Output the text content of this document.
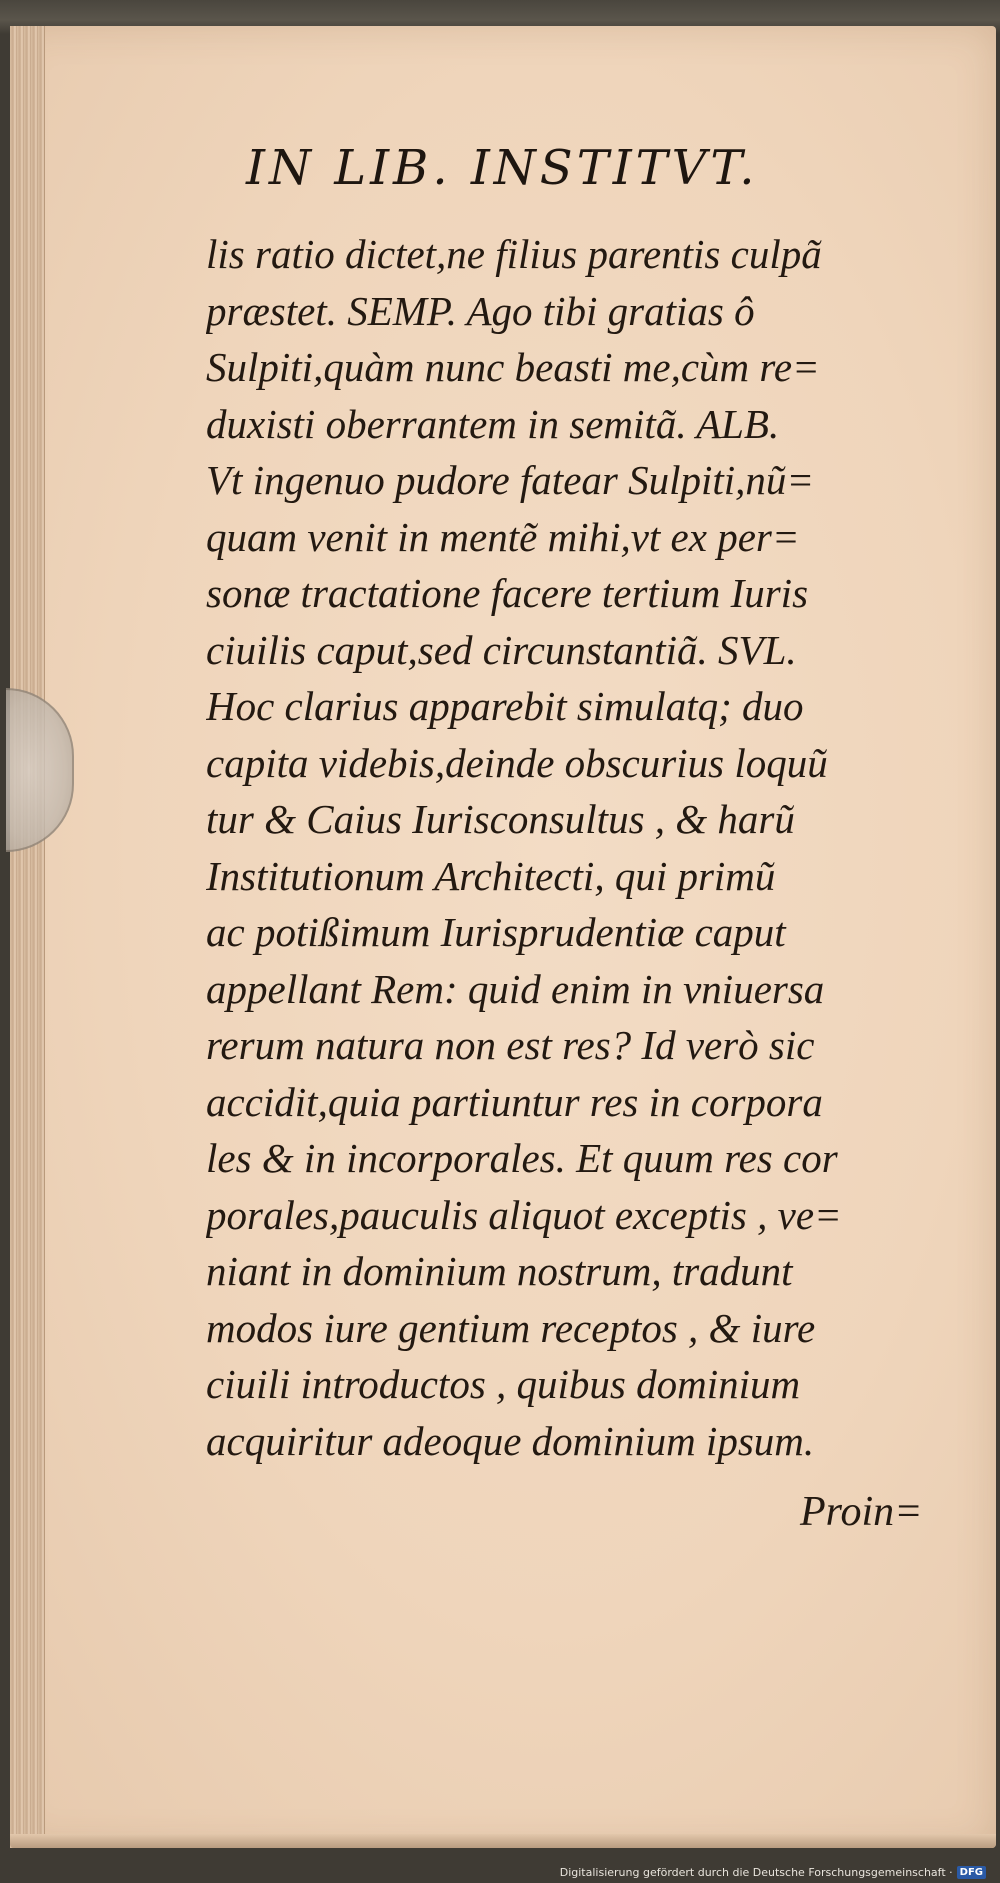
IN LIB. INSTITVT.
lis ratio dictet,ne filius parentis culpã
præstet. SEMP. Ago tibi gratias ô
Sulpiti,quàm nunc beasti me,cùm re=
duxisti oberrantem in semitã. ALB.
Vt ingenuo pudore fatear Sulpiti,nũ=
quam venit in mentẽ mihi,vt ex per=
sonæ tractatione facere tertium Iuris
ciuilis caput,sed circunstantiã. SVL.
Hoc clarius apparebit simulatq; duo
capita videbis,deinde obscurius loquũ
tur & Caius Iurisconsultus , & harũ
Institutionum Architecti, qui primũ
ac potißimum Iurisprudentiæ caput
appellant Rem: quid enim in vniuersa
rerum natura non est res? Id verò sic
accidit,quia partiuntur res in corpora
les & in incorporales. Et quum res cor
porales,pauculis aliquot exceptis , ve=
niant in dominium nostrum, tradunt
modos iure gentium receptos , & iure
ciuili introductos , quibus dominium
acquiritur adeoque dominium ipsum.
Proin=
Digitalisierung gefördert durch die Deutsche Forschungsgemeinschaft · DFG
